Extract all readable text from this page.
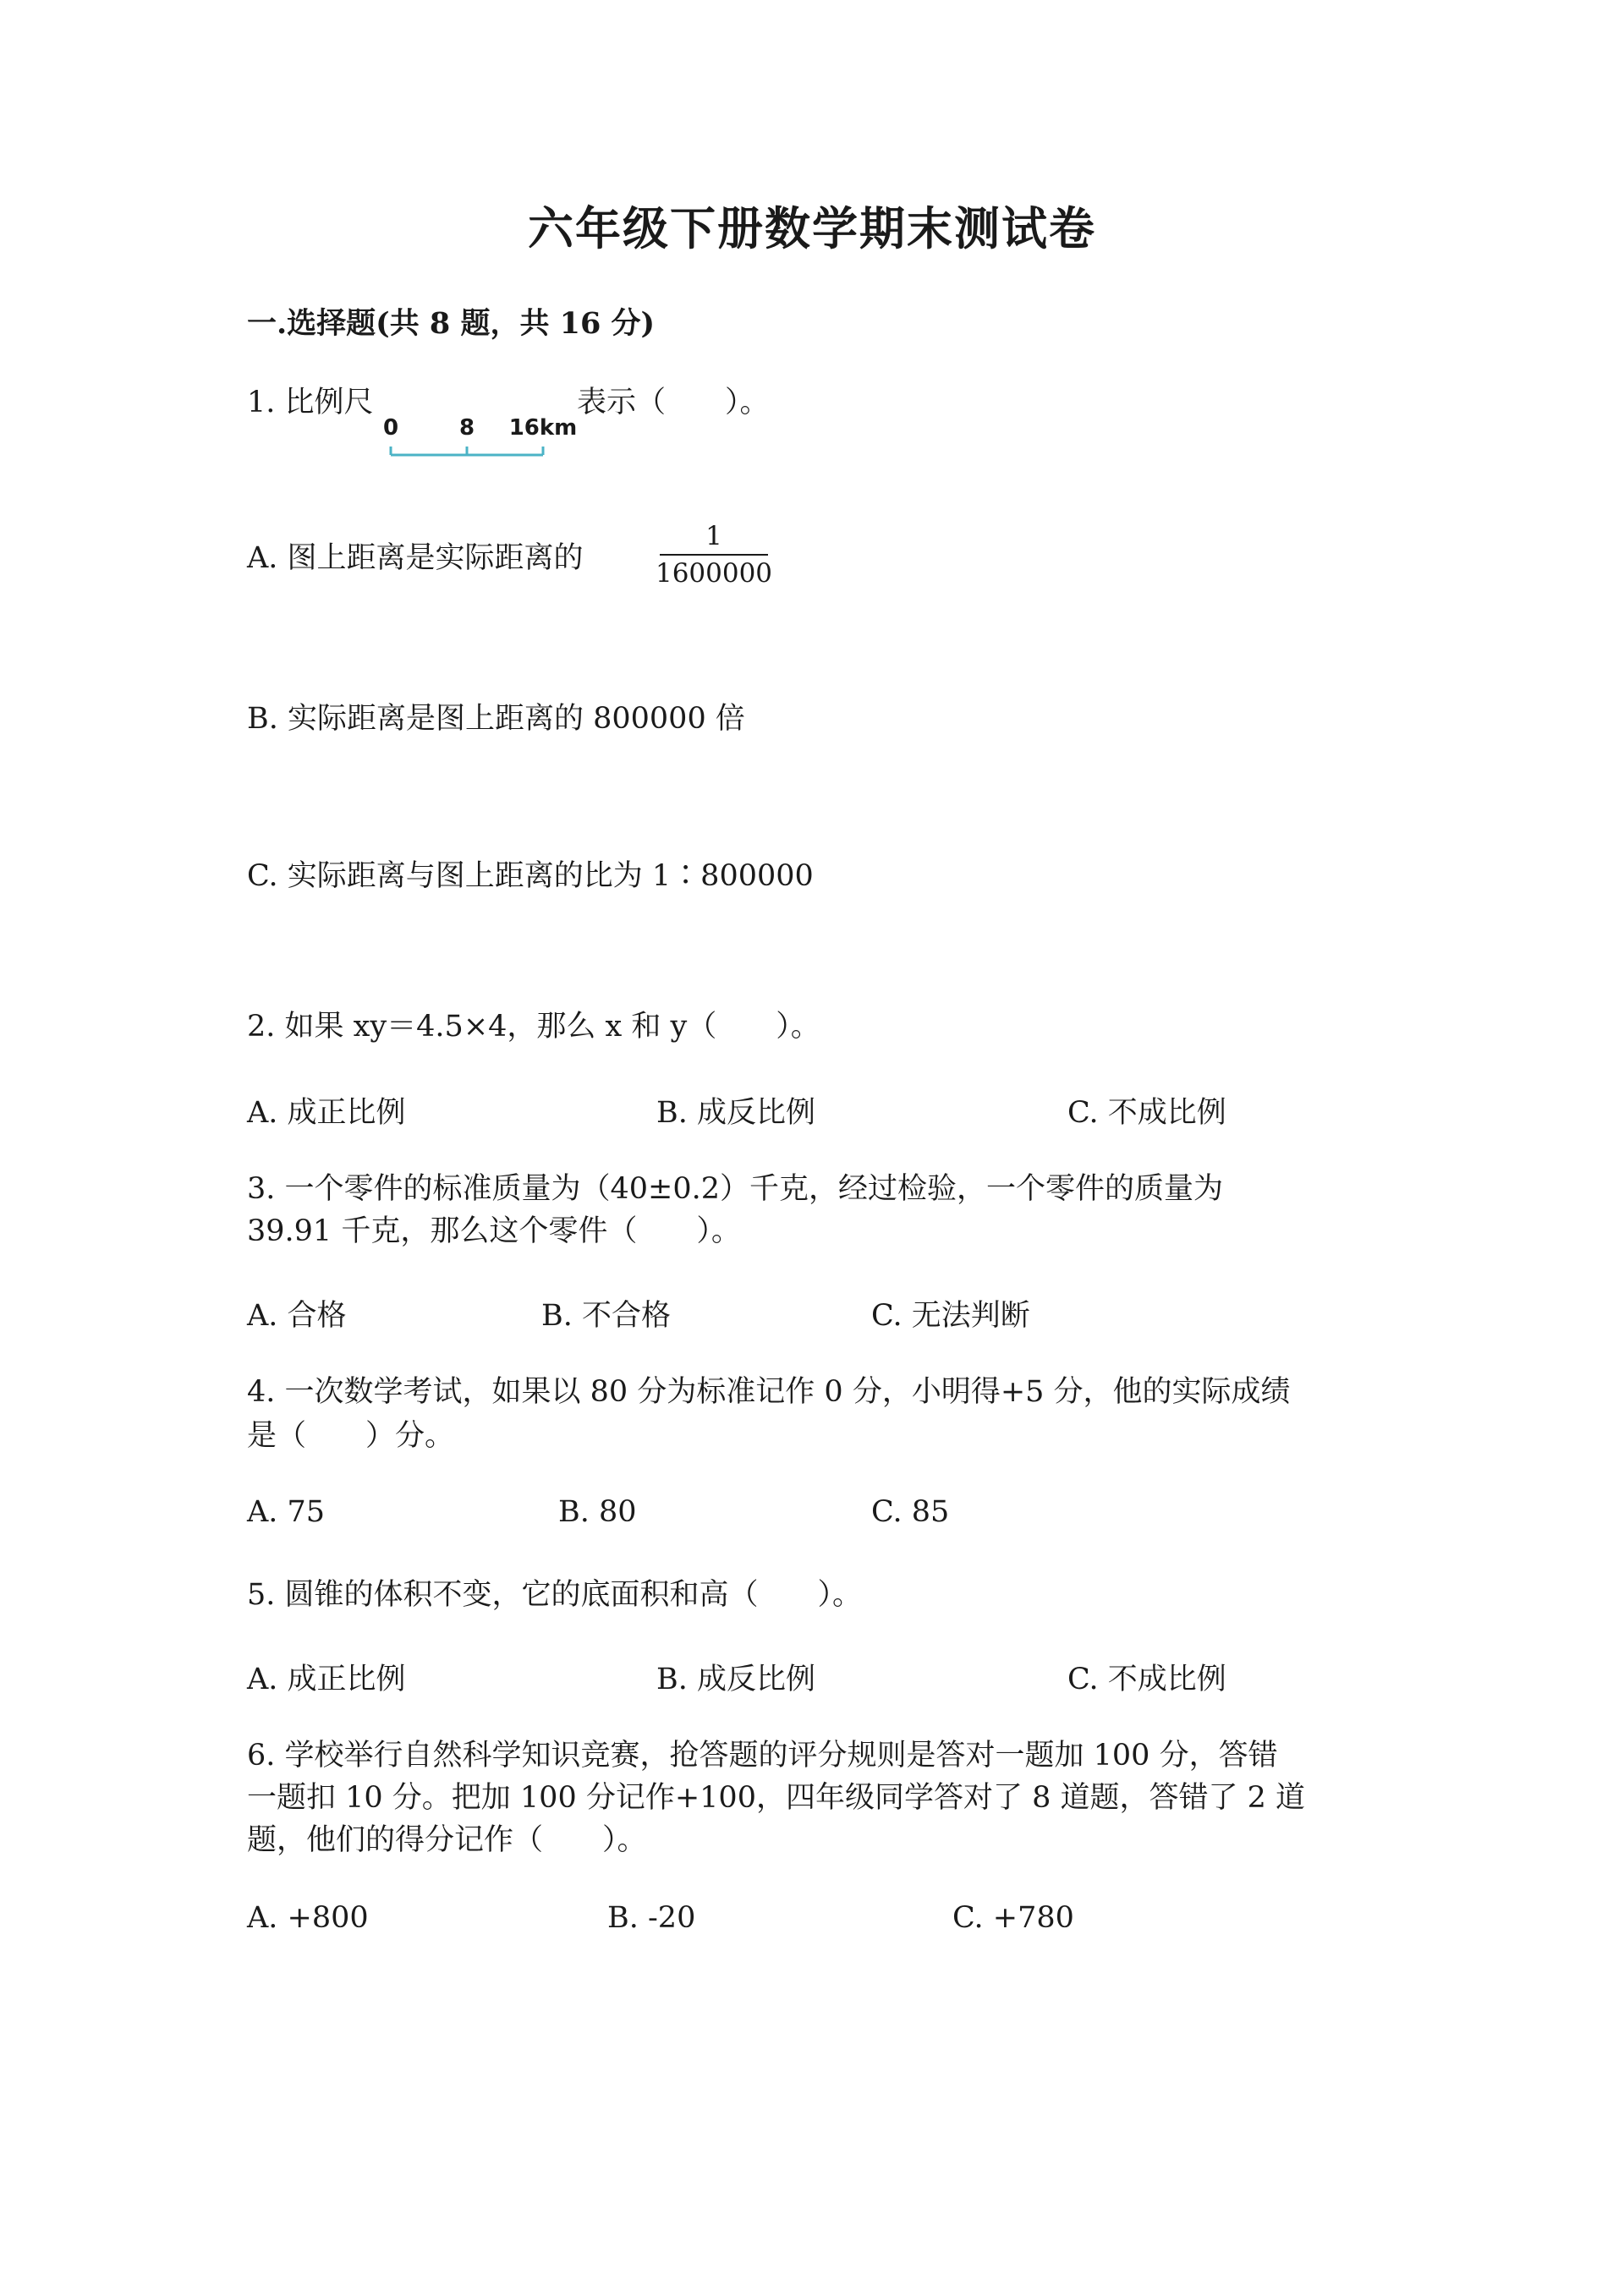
六年级下册数学期末测试卷
一.选择题(共 8 题，共 16 分)
1. 比例尺
0	8 16km
表示（　　）。
A. 图上距离是实际距离的
1
1600000
B. 实际距离是图上距离的 800000 倍
C. 实际距离与图上距离的比为 1∶800000
2. 如果 xy＝4.5×4，那么 x 和 y（　　）。
A. 成正比例	B. 成反比例	C. 不成比例
3. 一个零件的标准质量为（40±0.2）千克，经过检验，一个零件的质量为
39.91 千克，那么这个零件（　　）。
A. 合格	B. 不合格	C. 无法判断
4. 一次数学考试，如果以 80 分为标准记作 0 分，小明得+5 分，他的实际成绩
是（　　）分。
A. 75	B. 80	C. 85
5. 圆锥的体积不变，它的底面积和高（　　）。
A. 成正比例	B. 成反比例	C. 不成比例
6. 学校举行自然科学知识竞赛，抢答题的评分规则是答对一题加 100 分，答错
一题扣 10 分。把加 100 分记作+100，四年级同学答对了 8 道题，答错了 2 道
题，他们的得分记作（　　）。
A. +800	B. -20	C. +780
